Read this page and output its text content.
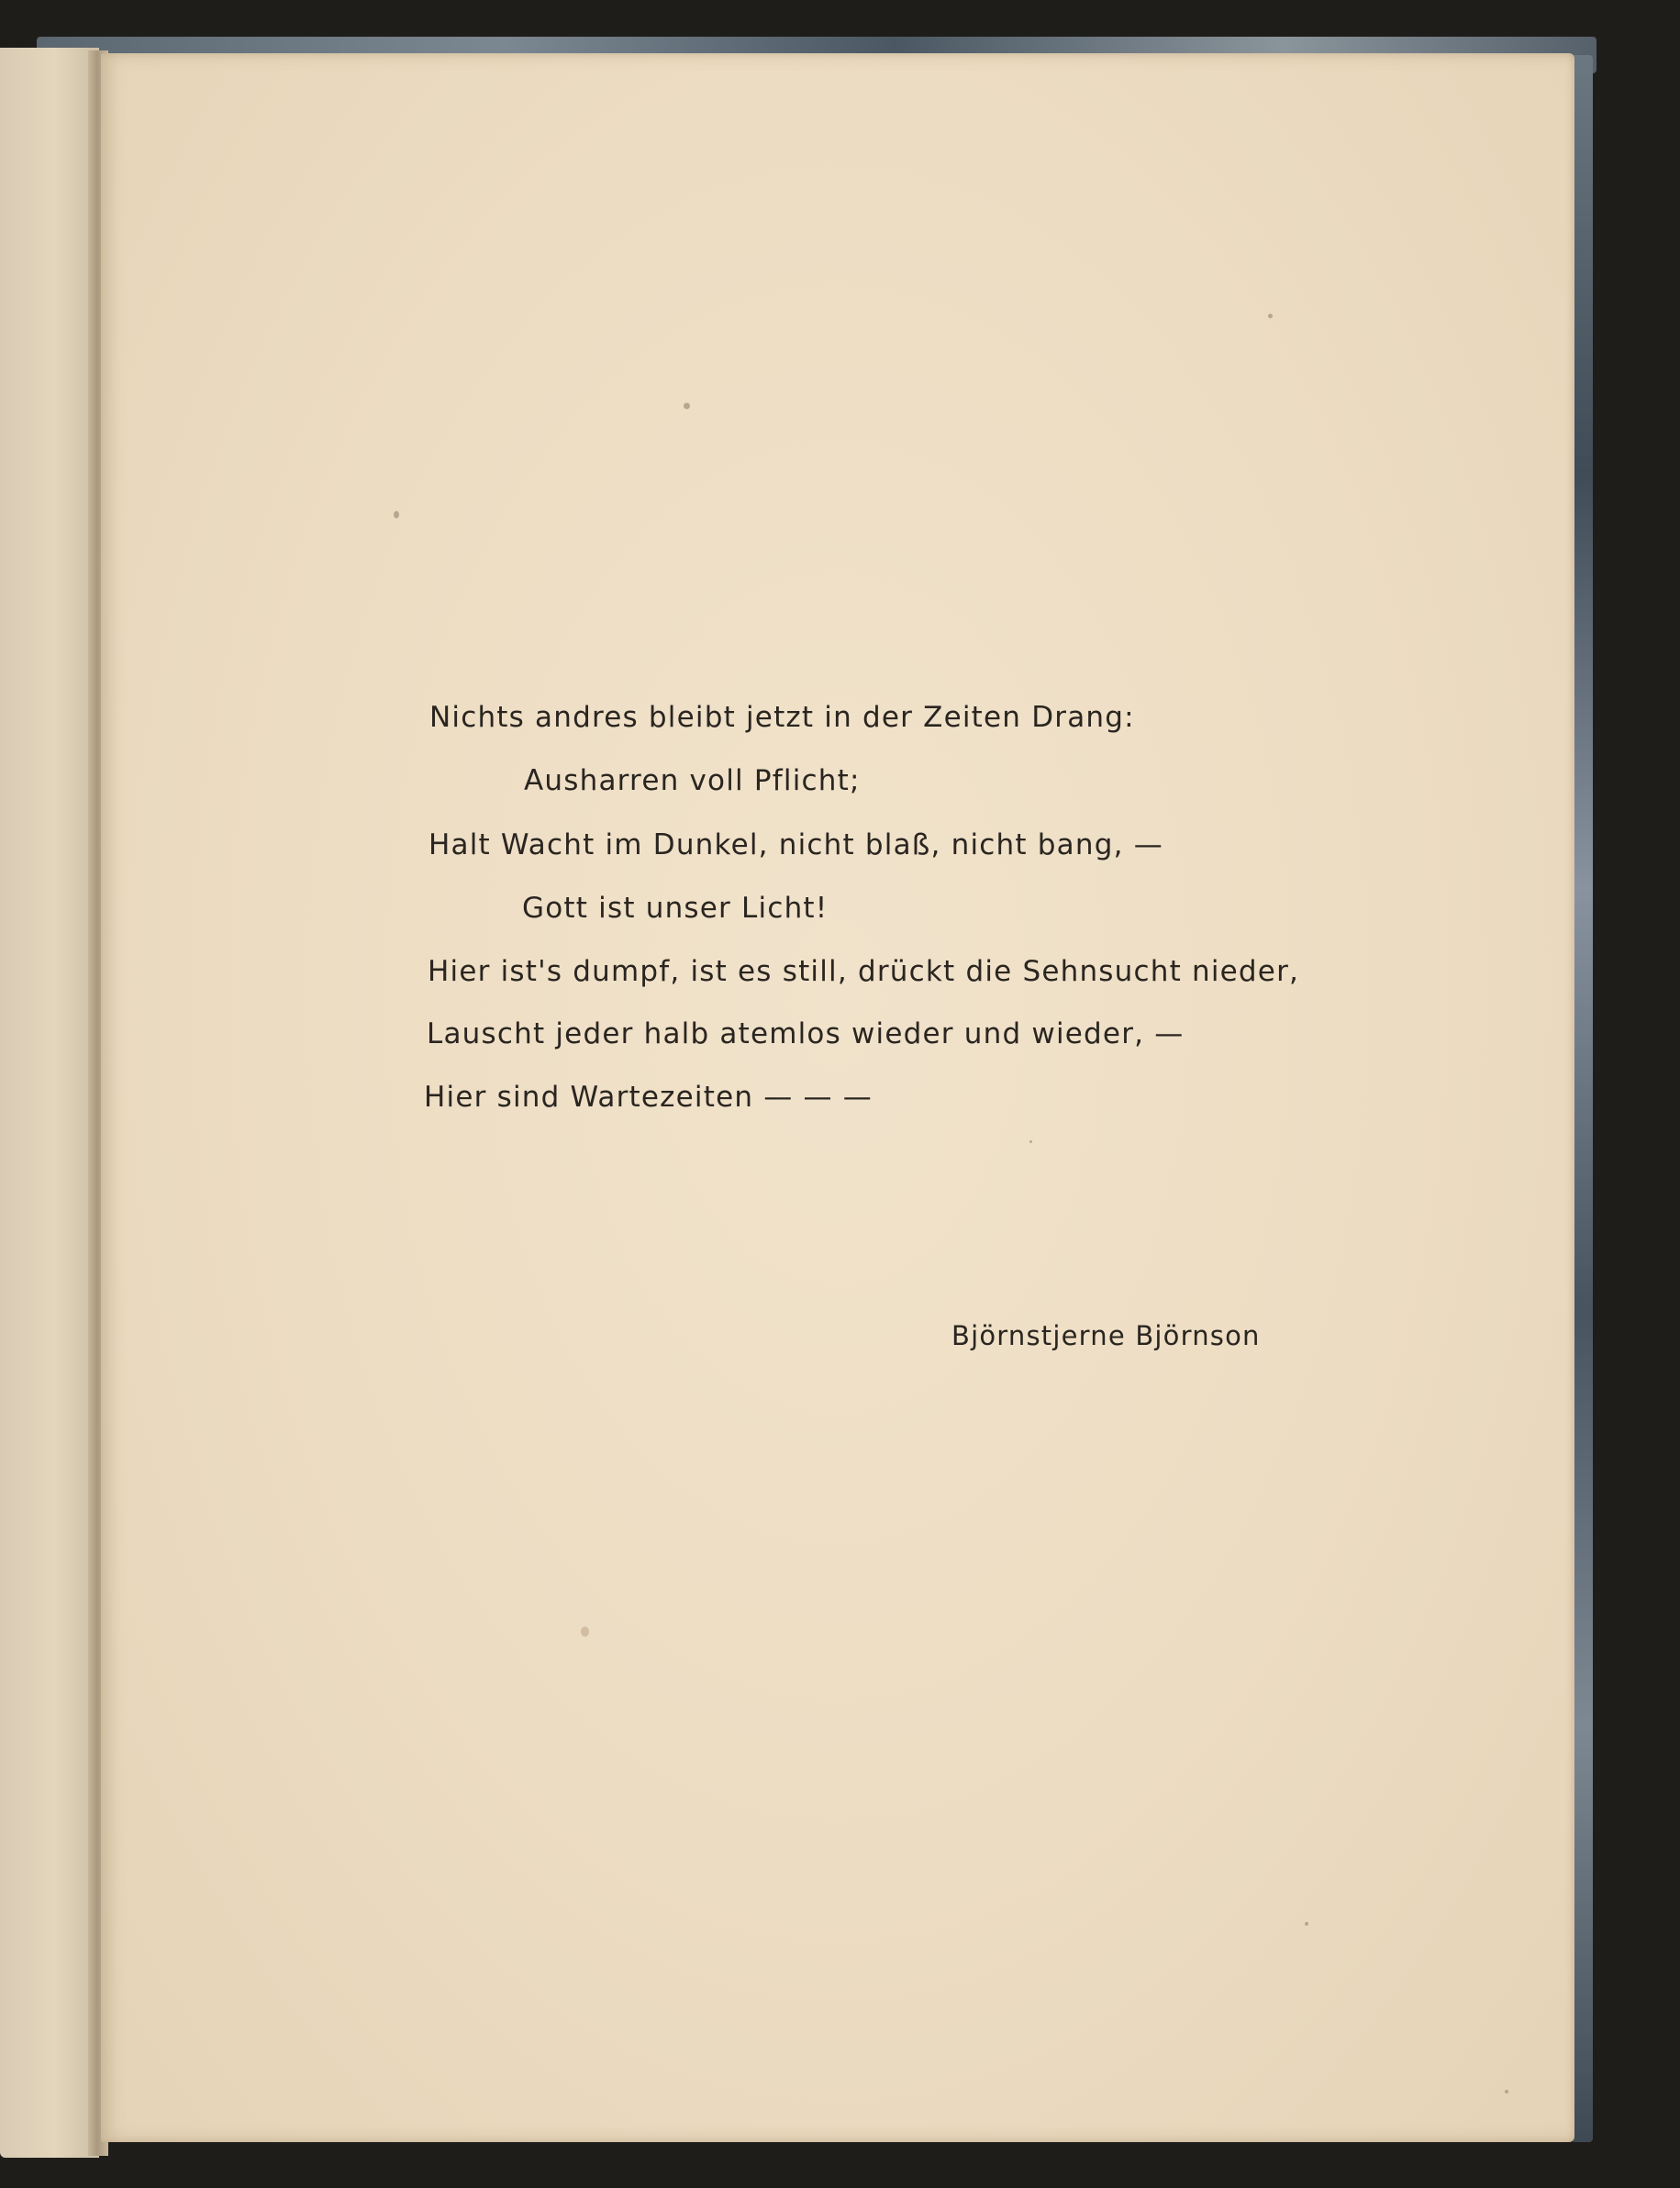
Nichts andres bleibt jetzt in der Zeiten Drang:
Ausharren voll Pflicht;
Halt Wacht im Dunkel, nicht blaß, nicht bang, —
Gott ist unser Licht!
Hier ist's dumpf, ist es still, drückt die Sehnsucht nieder,
Lauscht jeder halb atemlos wieder und wieder, —
Hier sind Wartezeiten — — —
Björnstjerne Björnson
